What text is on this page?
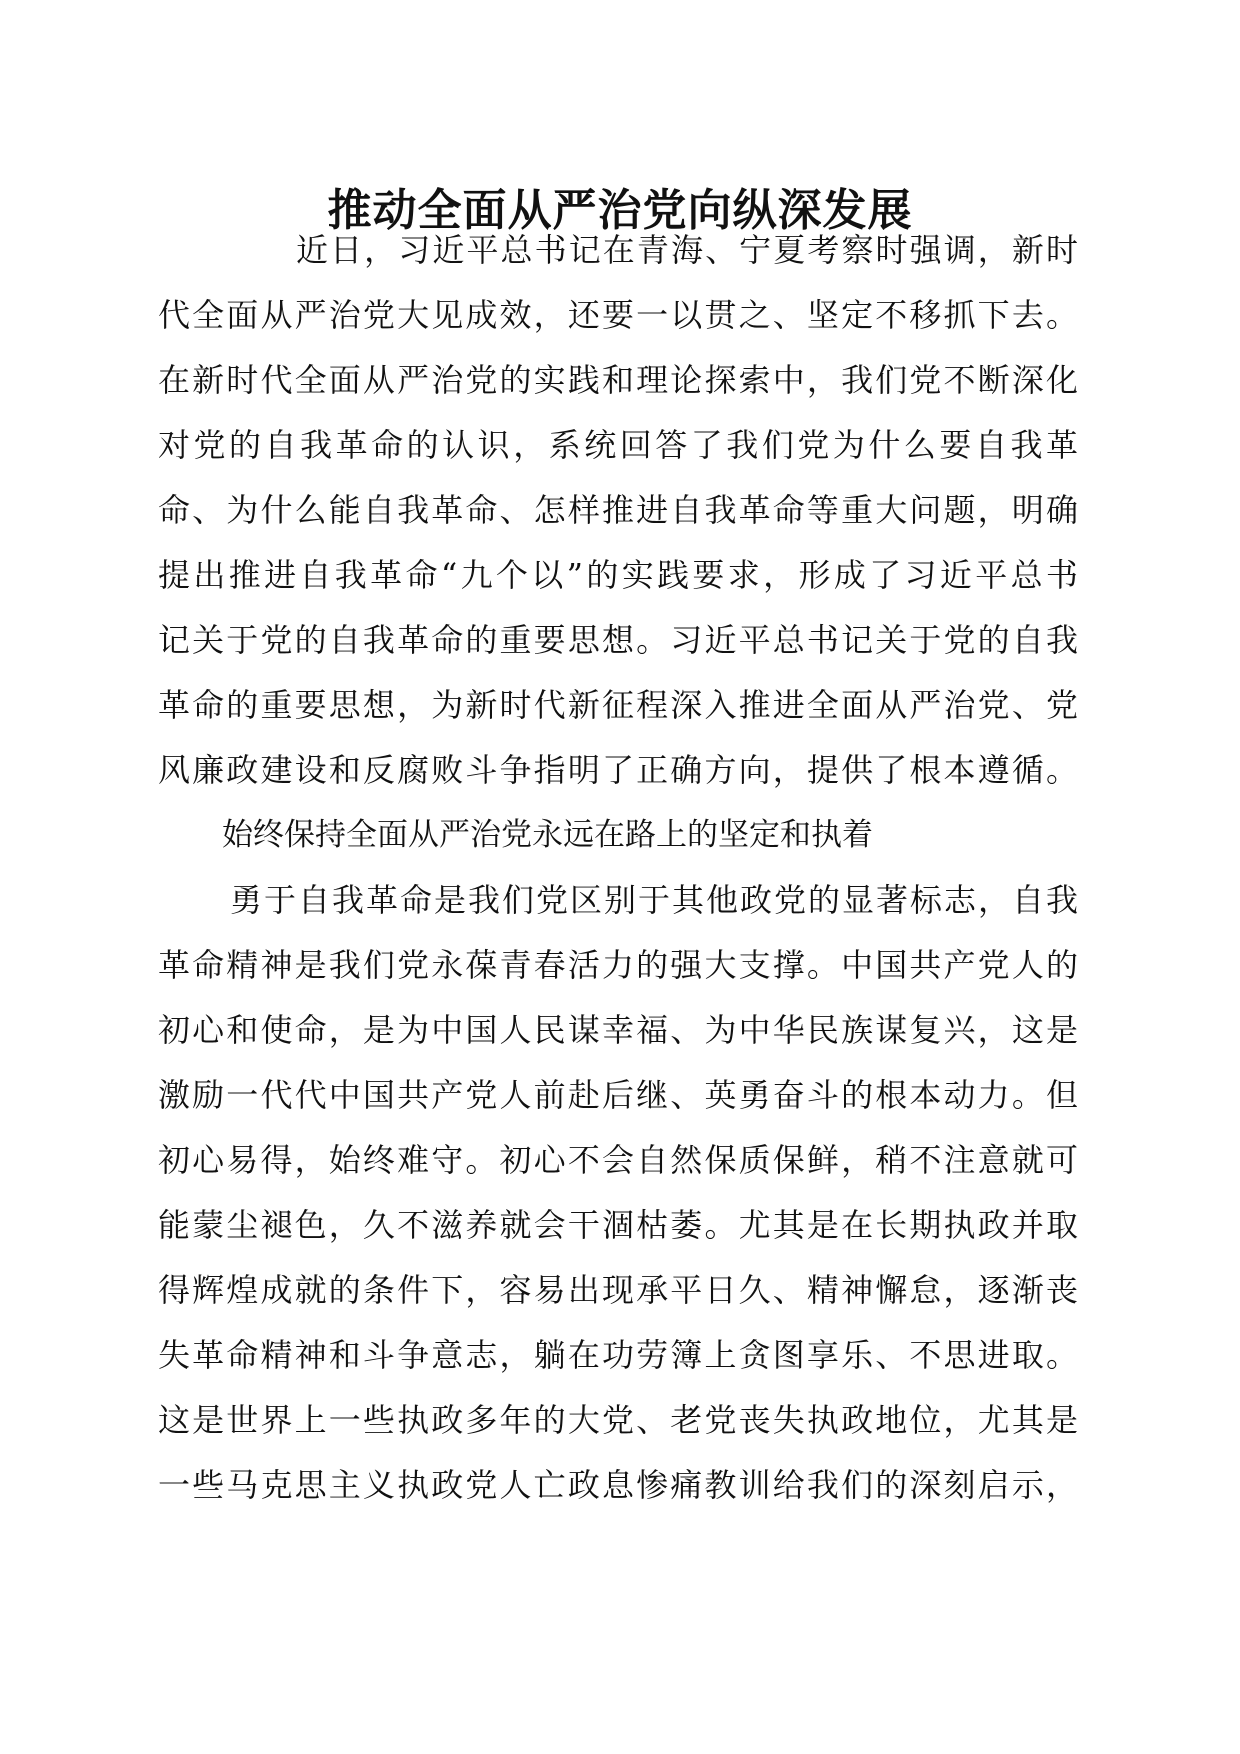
推动全面从严治党向纵深发展

近日，习近平总书记在青海、宁夏考察时强调，新时

代全面从严治党大见成效，还要一以贯之、坚定不移抓下去。

在新时代全面从严治党的实践和理论探索中，我们党不断深化

对党的自我革命的认识，系统回答了我们党为什么要自我革

命、为什么能自我革命、怎样推进自我革命等重大问题，明确

提出推进自我革命“九个以”的实践要求，形成了习近平总书

记关于党的自我革命的重要思想。习近平总书记关于党的自我

革命的重要思想，为新时代新征程深入推进全面从严治党、党

风廉政建设和反腐败斗争指明了正确方向，提供了根本遵循。

始终保持全面从严治党永远在路上的坚定和执着

勇于自我革命是我们党区别于其他政党的显著标志，自我

革命精神是我们党永葆青春活力的强大支撑。中国共产党人的

初心和使命，是为中国人民谋幸福、为中华民族谋复兴，这是

激励一代代中国共产党人前赴后继、英勇奋斗的根本动力。但

初心易得，始终难守。初心不会自然保质保鲜，稍不注意就可

能蒙尘褪色，久不滋养就会干涸枯萎。尤其是在长期执政并取

得辉煌成就的条件下，容易出现承平日久、精神懈怠，逐渐丧

失革命精神和斗争意志，躺在功劳簿上贪图享乐、不思进取。

这是世界上一些执政多年的大党、老党丧失执政地位，尤其是

一些马克思主义执政党人亡政息惨痛教训给我们的深刻启示，
